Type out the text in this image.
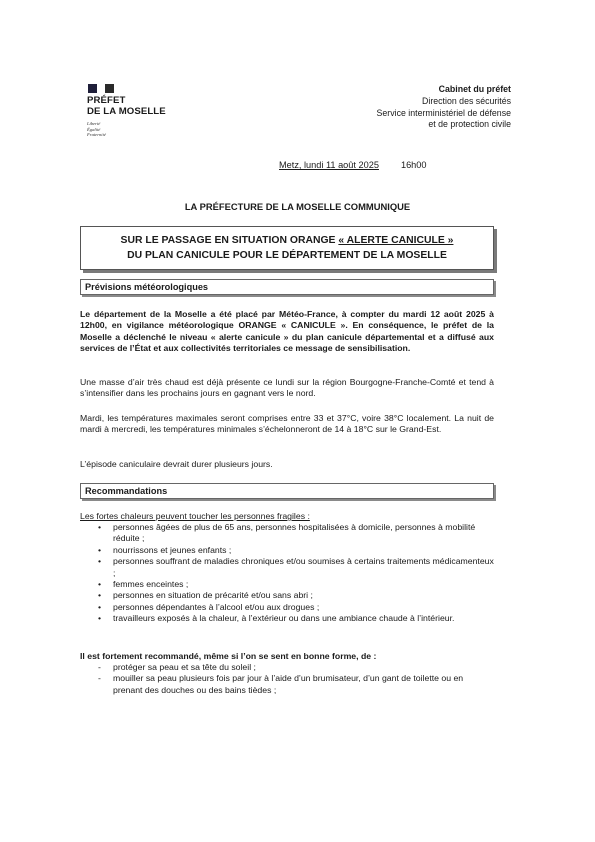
PRÉFET
DE LA MOSELLE
Liberté
Égalité
Fraternité
Cabinet du préfet
Direction des sécurités
Service interministériel de défense
et de protection civile
Metz, lundi 11 août 2025 16h00
LA PRÉFECTURE DE LA MOSELLE COMMUNIQUE
SUR LE PASSAGE EN SITUATION ORANGE « ALERTE CANICULE »
DU PLAN CANICULE POUR LE DÉPARTEMENT DE LA MOSELLE
Prévisions météorologiques
Le département de la Moselle a été placé par Météo-France, à compter du mardi 12 août 2025 à 12h00, en vigilance météorologique ORANGE « CANICULE ». En conséquence, le préfet de la Moselle a déclenché le niveau « alerte canicule » du plan canicule départemental et a diffusé aux services de l’État et aux collectivités territoriales ce message de sensibilisation.
Une masse d’air très chaud est déjà présente ce lundi sur la région Bourgogne-Franche-Comté et tend à s’intensifier dans les prochains jours en gagnant vers le nord.
Mardi, les températures maximales seront comprises entre 33 et 37°C, voire 38°C localement. La nuit de mardi à mercredi, les températures minimales s’échelonneront de 14 à 18°C sur le Grand-Est.
L’épisode caniculaire devrait durer plusieurs jours.
Recommandations
Les fortes chaleurs peuvent toucher les personnes fragiles :
• personnes âgées de plus de 65 ans, personnes hospitalisées à domicile, personnes à mobilité réduite ;
• nourrissons et jeunes enfants ;
• personnes souffrant de maladies chroniques et/ou soumises à certains traitements médicamenteux ;
• femmes enceintes ;
• personnes en situation de précarité et/ou sans abri ;
• personnes dépendantes à l’alcool et/ou aux drogues ;
• travailleurs exposés à la chaleur, à l’extérieur ou dans une ambiance chaude à l’intérieur.
Il est fortement recommandé, même si l’on se sent en bonne forme, de :
- protéger sa peau et sa tête du soleil ;
- mouiller sa peau plusieurs fois par jour à l’aide d’un brumisateur, d’un gant de toilette ou en prenant des douches ou des bains tièdes ;
